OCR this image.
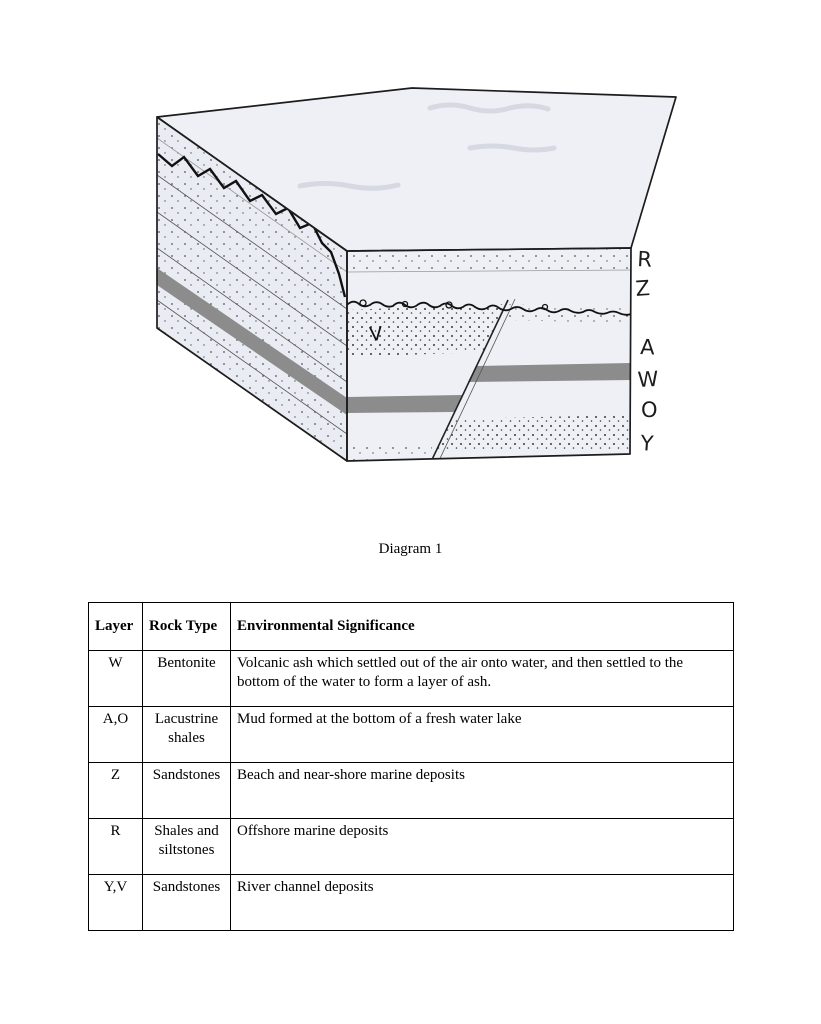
R
Z
A
W
O
Y
V
Diagram 1
Layer	Rock Type	Environmental Significance
W	Bentonite	Volcanic ash which settled out of the air onto water, and then settled to the bottom of the water to form a layer of ash.
A,O	Lacustrine shales	Mud formed at the bottom of a fresh water lake
Z	Sandstones	Beach and near-shore marine deposits
R	Shales and siltstones	Offshore marine deposits
Y,V	Sandstones	River channel deposits
